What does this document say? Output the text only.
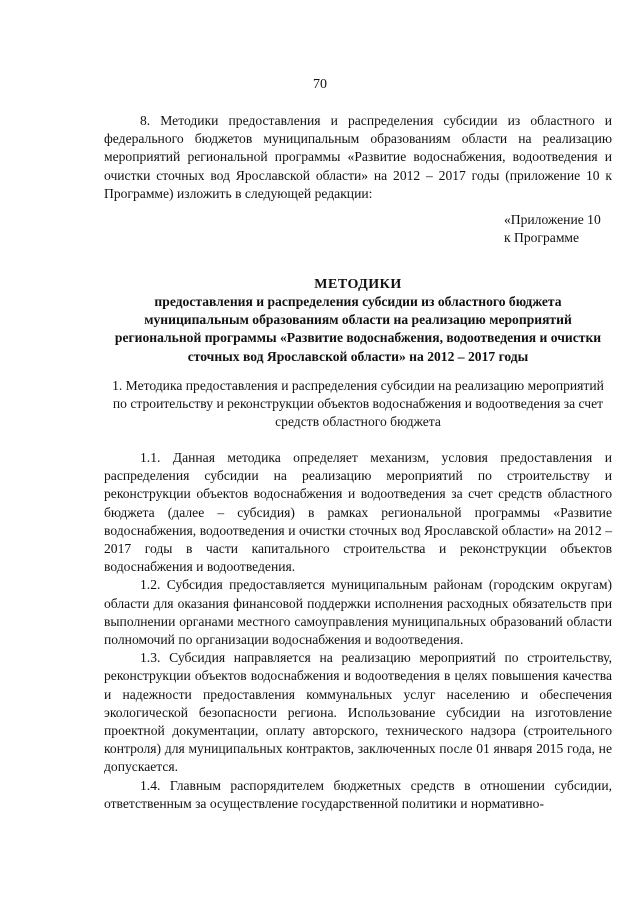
70

8. Методики предоставления и распределения субсидии из областного и федерального бюджетов муниципальным образованиям области на реализацию мероприятий региональной программы «Развитие водоснабжения, водоотведения и очистки сточных вод Ярославской области» на 2012 – 2017 годы (приложение 10 к Программе) изложить в следующей редакции:

«Приложение 10
к Программе
МЕТОДИКИ
предоставления и распределения субсидии из областного бюджета муниципальным образованиям области на реализацию мероприятий региональной программы «Развитие водоснабжения, водоотведения и очистки сточных вод Ярославской области» на 2012 – 2017 годы
1. Методика предоставления и распределения субсидии на реализацию мероприятий по строительству и реконструкции объектов водоснабжения и водоотведения за счет средств областного бюджета

1.1. Данная методика определяет механизм, условия предоставления и распределения субсидии на реализацию мероприятий по строительству и реконструкции объектов водоснабжения и водоотведения за счет средств областного бюджета (далее – субсидия) в рамках региональной программы «Развитие водоснабжения, водоотведения и очистки сточных вод Ярославской области» на 2012 – 2017 годы в части капитального строительства и реконструкции объектов водоснабжения и водоотведения.

1.2. Субсидия предоставляется муниципальным районам (городским округам) области для оказания финансовой поддержки исполнения расходных обязательств при выполнении органами местного самоуправления муниципальных образований области полномочий по организации водоснабжения и водоотведения.

1.3. Субсидия направляется на реализацию мероприятий по строительству, реконструкции объектов водоснабжения и водоотведения в целях повышения качества и надежности предоставления коммунальных услуг населению и обеспечения экологической безопасности региона. Использование субсидии на изготовление проектной документации, оплату авторского, технического надзора (строительного контроля) для муниципальных контрактов, заключенных после 01 января 2015 года, не допускается.

1.4. Главным распорядителем бюджетных средств в отношении субсидии, ответственным за осуществление государственной политики и нормативно-
